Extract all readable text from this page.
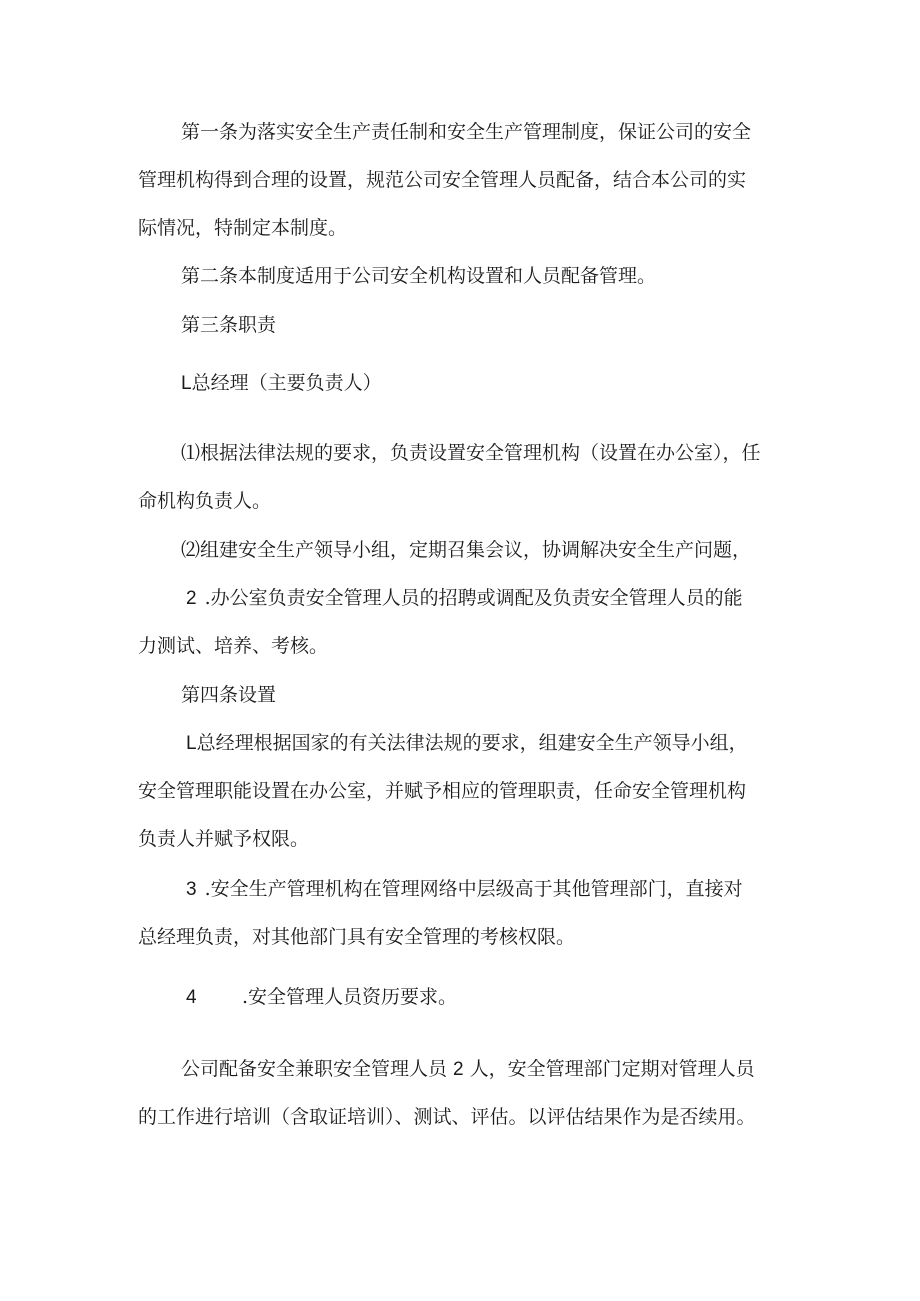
第一条为落实安全生产责任制和安全生产管理制度，保证公司的安全
管理机构得到合理的设置，规范公司安全管理人员配备，结合本公司的实
际情况，特制定本制度。
第二条本制度适用于公司安全机构设置和人员配备管理。
第三条职责
L总经理（主要负责人）
⑴根据法律法规的要求，负责设置安全管理机构（设置在办公室），任
命机构负责人。
⑵组建安全生产领导小组，定期召集会议，协调解决安全生产问题，
2 .办公室负责安全管理人员的招聘或调配及负责安全管理人员的能
力测试、培养、考核。
第四条设置
L总经理根据国家的有关法律法规的要求，组建安全生产领导小组，
安全管理职能设置在办公室，并赋予相应的管理职责，任命安全管理机构
负责人并赋予权限。
3 .安全生产管理机构在管理网络中层级高于其他管理部门，直接对
总经理负责，对其他部门具有安全管理的考核权限。
4 .安全管理人员资历要求。
公司配备安全兼职安全管理人员 2 人，安全管理部门定期对管理人员
的工作进行培训（含取证培训）、测试、评估。以评估结果作为是否续用。
